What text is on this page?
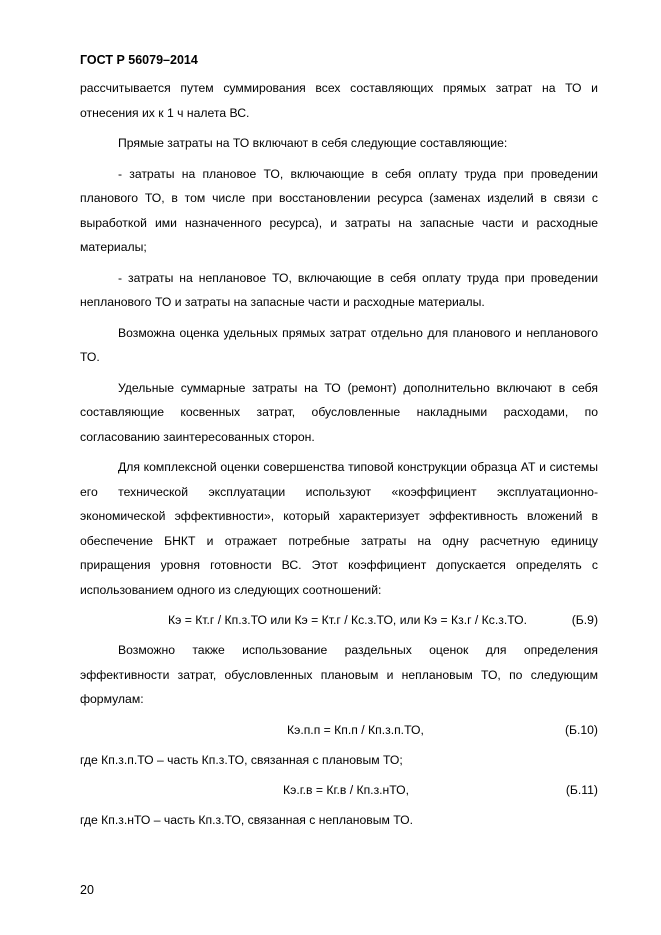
ГОСТ Р 56079–2014

рассчитывается путем суммирования всех составляющих прямых затрат на ТО и отнесения их к 1 ч налета ВС.

Прямые затраты на ТО включают в себя следующие составляющие:

- затраты на плановое ТО, включающие в себя оплату труда при проведении планового ТО, в том числе при восстановлении ресурса (заменах изделий в связи с выработкой ими назначенного ресурса), и затраты на запасные части и расходные материалы;

- затраты на неплановое ТО, включающие в себя оплату труда при проведении непланового ТО и затраты на запасные части и расходные материалы.

Возможна оценка удельных прямых затрат отдельно для планового и непланового ТО.

Удельные суммарные затраты на ТО (ремонт) дополнительно включают в себя составляющие косвенных затрат, обусловленные накладными расходами, по согласованию заинтересованных сторон.

Для комплексной оценки совершенства типовой конструкции образца АТ и системы его технической эксплуатации используют «коэффициент эксплуатационно-экономической эффективности», который характеризует эффективность вложений в обеспечение БНКТ и отражает потребные затраты на одну расчетную единицу приращения уровня готовности ВС. Этот коэффициент допускается определять с использованием одного из следующих соотношений:

Кэ = Кт.г / Кп.з.ТО или Кэ = Кт.г / Кс.з.ТО, или Кэ = Кз.г / Кс.з.ТО.	(Б.9)

Возможно также использование раздельных оценок для определения эффективности затрат, обусловленных плановым и неплановым ТО, по следующим формулам:

Кэ.п.п = Кп.п / Кп.з.п.ТО,	(Б.10)

где Кп.з.п.ТО – часть Кп.з.ТО, связанная с плановым ТО;

Кэ.г.в = Кг.в / Кп.з.нТО,	(Б.11)

где Кп.з.нТО – часть Кп.з.ТО, связанная с неплановым ТО.

20
